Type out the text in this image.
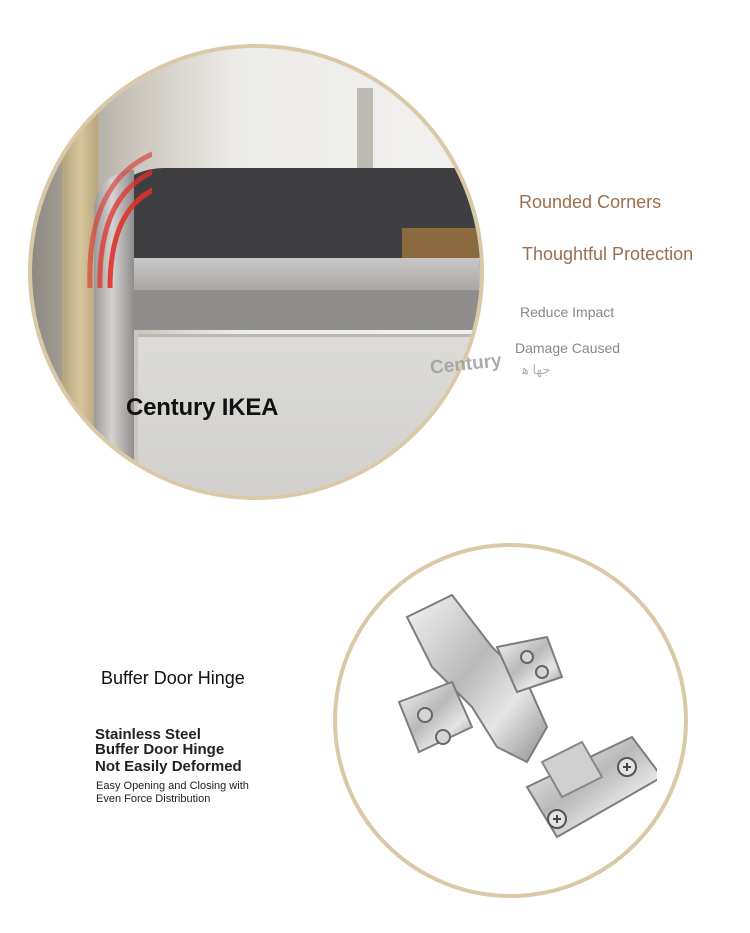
Century IKEA
Rounded Corners
Thoughtful Protection
Reduce Impact
Damage Caused
Century ﺟﻬﺎ ﻫ
Buffer Door Hinge
Stainless Steel
Buffer Door Hinge
Not Easily Deformed
Easy Opening and Closing with
Even Force Distribution
